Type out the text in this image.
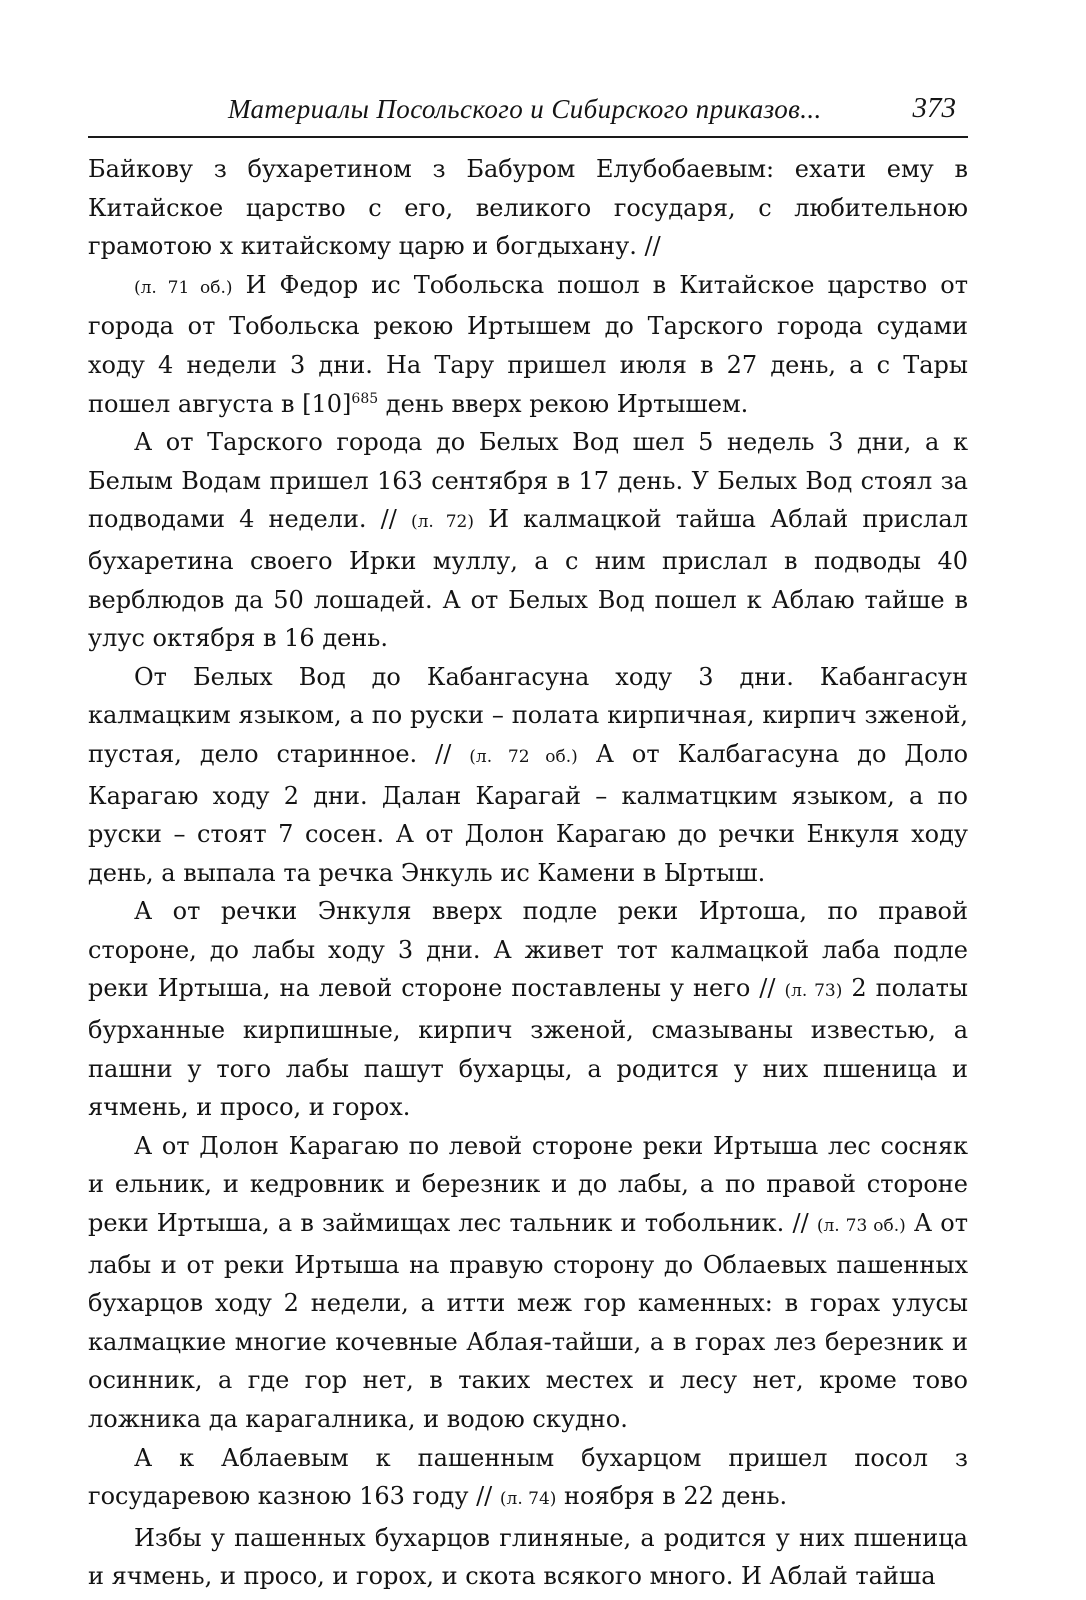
Материалы Посольского и Сибирского приказов...	373

Байкову з бухаретином з Бабуром Елубобаевым: ехати ему в Китайское царство с его, великого государя, с любительною грамотою х китайскому царю и богдыхану. //

(л. 71 об.) И Федор ис Тобольска пошол в Китайское царство от города от Тобольска рекою Иртышем до Тарского города судами ходу 4 недели 3 дни. На Тару пришел июля в 27 день, а с Тары пошел августа в [10]$^{685}$ день вверх рекою Иртышем.

А от Тарского города до Белых Вод шел 5 недель 3 дни, а к Белым Водам пришел 163 сентября в 17 день. У Белых Вод стоял за подводами 4 недели. // (л. 72) И калмацкой тайша Аблай прислал бухаретина своего Ирки муллу, а с ним прислал в подводы 40 верблюдов да 50 лошадей. А от Белых Вод пошел к Аблаю тайше в улус октября в 16 день.

От Белых Вод до Кабангасуна ходу 3 дни. Кабангасун калмацким языком, а по руски – полата кирпичная, кирпич зженой, пустая, дело старинное. // (л. 72 об.) А от Калбагасуна до Доло Карагаю ходу 2 дни. Далан Карагай – калматцким языком, а по руски – стоят 7 сосен. А от Долон Карагаю до речки Енкуля ходу день, а выпала та речка Энкуль ис Камени в Ыртыш.

А от речки Энкуля вверх подле реки Иртоша, по правой стороне, до лабы ходу 3 дни. А живет тот калмацкой лаба подле реки Иртыша, на левой стороне поставлены у него // (л. 73) 2 полаты бурханные кирпишные, кирпич зженой, смазываны известью, а пашни у того лабы пашут бухарцы, а родится у них пшеница и ячмень, и просо, и горох.

А от Долон Карагаю по левой стороне реки Иртыша лес сосняк и ельник, и кедровник и березник и до лабы, а по правой стороне реки Иртыша, а в займищах лес тальник и тобольник. // (л. 73 об.) А от лабы и от реки Иртыша на правую сторону до Облаевых пашенных бухарцов ходу 2 недели, а итти меж гор каменных: в горах улусы калмацкие многие кочевные Аблая-тайши, а в горах лез березник и осинник, а где гор нет, в таких местех и лесу нет, кроме тово ложника да карагалника, и водою скудно.

А к Аблаевым к пашенным бухарцом пришел посол з государевою казною 163 году // (л. 74) ноября в 22 день.

Избы у пашенных бухарцов глиняные, а родится у них пшеница и ячмень, и просо, и горох, и скота всякого много. И Аблай тайша
